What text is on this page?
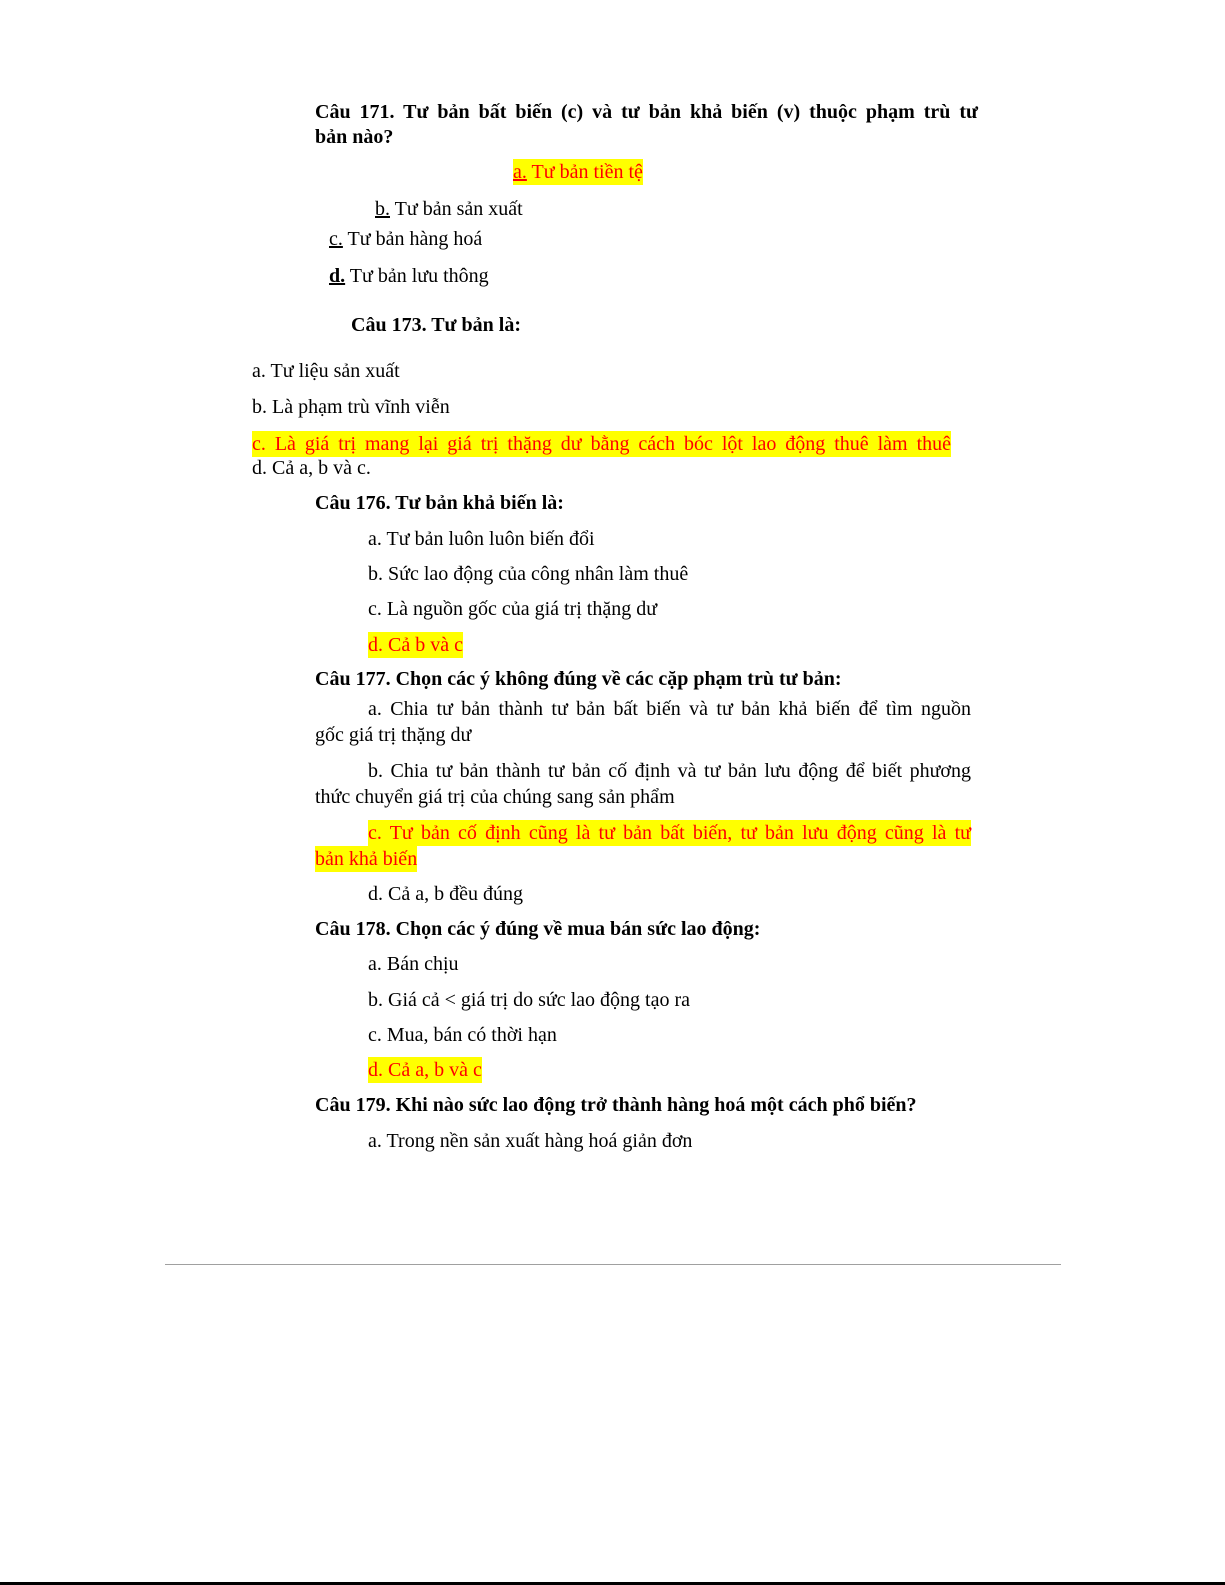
Câu 171. Tư bản bất biến (c) và tư bản khả biến (v) thuộc phạm trù tư
bản nào?
a. Tư bản tiền tệ
b. Tư bản sản xuất
c. Tư bản hàng hoá
d. Tư bản lưu thông
Câu 173. Tư bản là:
a. Tư liệu sản xuất
b. Là phạm trù vĩnh viễn
c. Là giá trị mang lại giá trị thặng dư bằng cách bóc lột lao động thuê làm thuê
d. Cả a, b và c.
Câu 176. Tư bản khả biến là:
a. Tư bản luôn luôn biến đổi
b. Sức lao động của công nhân làm thuê
c. Là nguồn gốc của giá trị thặng dư
d. Cả b và c
Câu 177. Chọn các ý không đúng về các cặp phạm trù tư bản:
a. Chia tư bản thành tư bản bất biến và tư bản khả biến để tìm nguồn
gốc giá trị thặng dư
b. Chia tư bản thành tư bản cố định và tư bản lưu động để biết phương
thức chuyển giá trị của chúng sang sản phẩm
c. Tư bản cố định cũng là tư bản bất biến, tư bản lưu động cũng là tư
bản khả biến
d. Cả a, b đều đúng
Câu 178. Chọn các ý đúng về mua bán sức lao động:
a. Bán chịu
b. Giá cả < giá trị do sức lao động tạo ra
c. Mua, bán có thời hạn
d. Cả a, b và c
Câu 179. Khi nào sức lao động trở thành hàng hoá một cách phổ biến?
a. Trong nền sản xuất hàng hoá giản đơn
